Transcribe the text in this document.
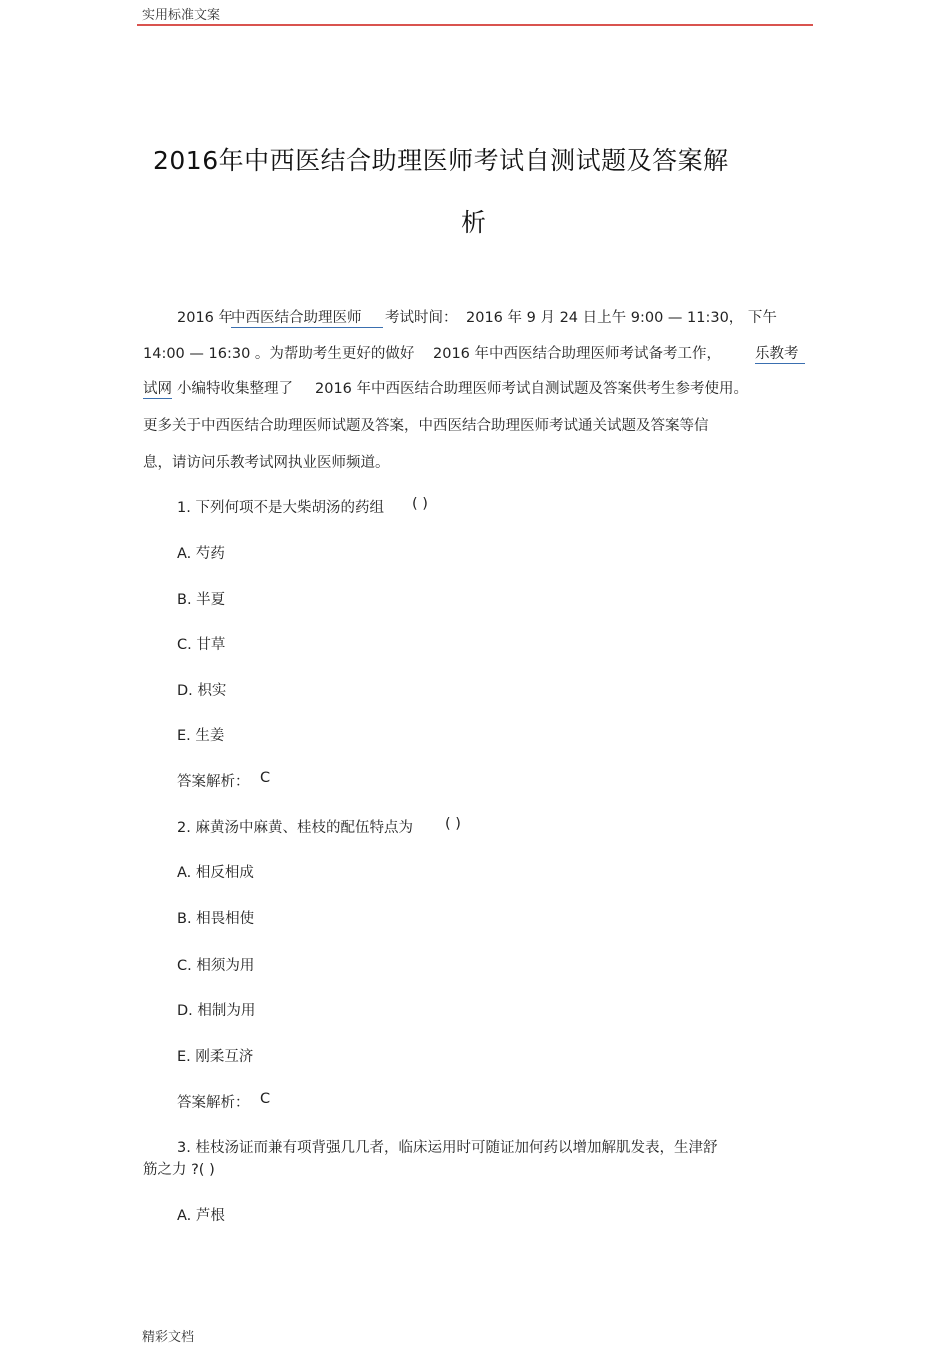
实用标准文案
2016年中西医结合助理医师考试自测试题及答案解
析
2016 年
中西医结合助理医师	考试时间： 2016 年 9 月 24 日上午 9:00 — 11:30， 下午
14:00 — 16:30 。为帮助考生更好的做好 2016 年中西医结合助理医师考试备考工作， 乐教考
试网 小编特收集整理了 2016 年中西医结合助理医师考试自测试题及答案供考生参考使用。
更多关于中西医结合助理医师试题及答案，中西医结合助理医师考试通关试题及答案等信
息，请访问乐教考试网执业医师频道。
1. 下列何项不是大柴胡汤的药组 ( )
A. 芍药
B. 半夏
C. 甘草
D. 枳实
E. 生姜
答案解析： C
2. 麻黄汤中麻黄、桂枝的配伍特点为 ( )
A. 相反相成
B. 相畏相使
C. 相须为用
D. 相制为用
E. 刚柔互济
答案解析： C
3. 桂枝汤证而兼有项背强几几者，临床运用时可随证加何药以增加解肌发表，生津舒
筋之力 ?( )
A. 芦根
精彩文档
